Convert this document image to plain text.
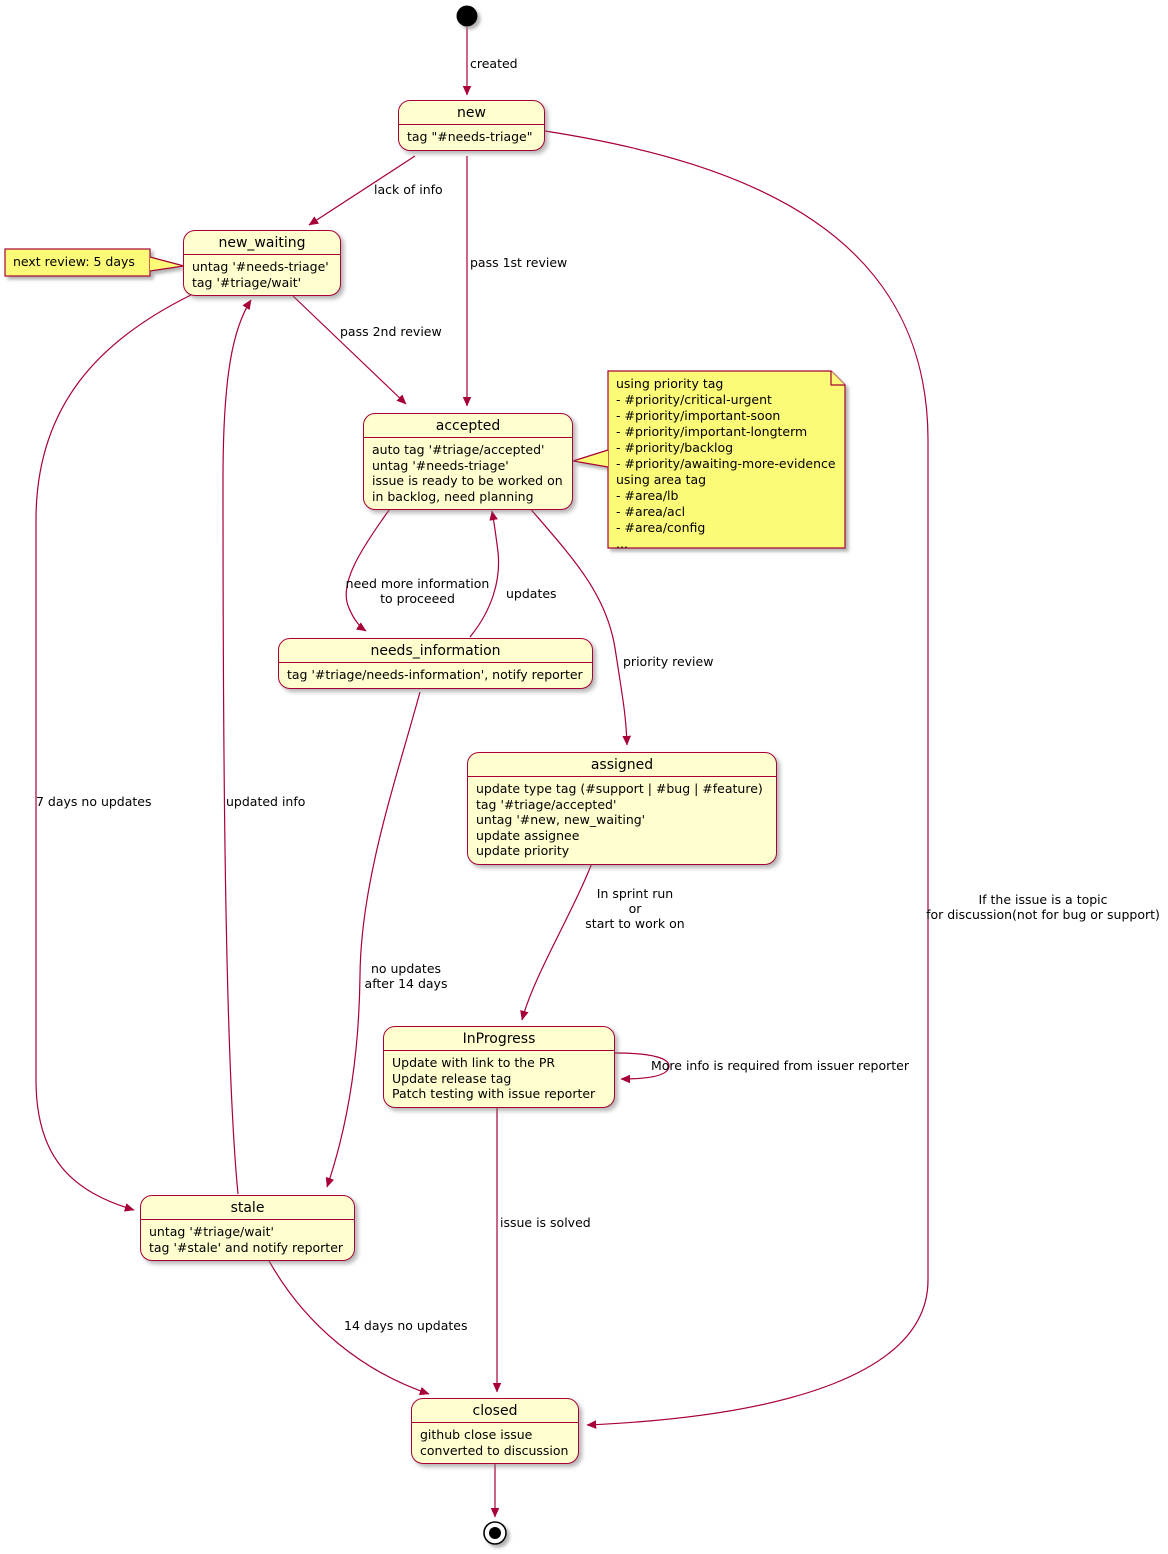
next review: 5 days
using priority tag
- #priority/critical-urgent
- #priority/important-soon
- #priority/important-longterm
- #priority/backlog
- #priority/awaiting-more-evidence
using area tag
- #area/lb
- #area/acl
- #area/config
...
new
tag "#needs-triage"
new_waiting
untag '#needs-triage'
tag '#triage/wait'
accepted
auto tag '#triage/accepted'
untag '#needs-triage'
issue is ready to be worked on
in backlog, need planning
needs_information
tag '#triage/needs-information', notify reporter
assigned
update type tag (#support | #bug | #feature)
tag '#triage/accepted'
untag '#new, new_waiting'
update assignee
update priority
InProgress
Update with link to the PR
Update release tag
Patch testing with issue reporter
stale
untag '#triage/wait'
tag '#stale' and notify reporter
closed
github close issue
converted to discussion
created
lack of info
pass 1st review
pass 2nd review
need more information
to proceeed	updates
priority review
In sprint run
or
start to work on
no updates
after 14 days
More info is required from issuer reporter
issue is solved
7 days no updates	updated info
14 days no updates
If the issue is a topic
for discussion(not for bug or support)
